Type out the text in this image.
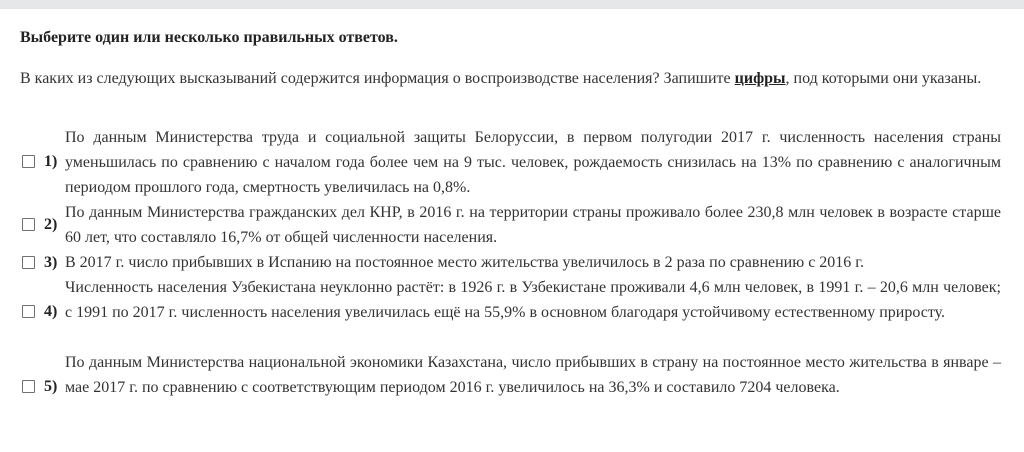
Выберите один или несколько правильных ответов.
В каких из следующих высказываний содержится информация о воспроизводстве населения? Запишите цифры, под которыми они указаны.
1)
По данным Министерства труда и социальной защиты Белоруссии, в первом полугодии 2017 г. численность населения страны уменьшилась по сравнению с началом года более чем на 9 тыс. человек, рождаемость снизилась на 13% по сравнению с аналогичным периодом прошлого года, смертность увеличилась на 0,8%.
2)
По данным Министерства гражданских дел КНР, в 2016 г. на территории страны проживало более 230,8 млн человек в возрасте старше 60 лет, что составляло 16,7% от общей численности населения.
3) В 2017 г. число прибывших в Испанию на постоянное место жительства увеличилось в 2 раза по сравнению с 2016 г.
4)
Численность населения Узбекистана неуклонно растёт: в 1926 г. в Узбекистане проживали 4,6 млн человек, в 1991 г. – 20,6 млн человек; с 1991 по 2017 г. численность населения увеличилась ещё на 55,9% в основном благодаря устойчивому естественному приросту.
5)
По данным Министерства национальной экономики Казахстана, число прибывших в страну на постоянное место жительства в январе – мае 2017 г. по сравнению с соответствующим периодом 2016 г. увеличилось на 36,3% и составило 7204 человека.
